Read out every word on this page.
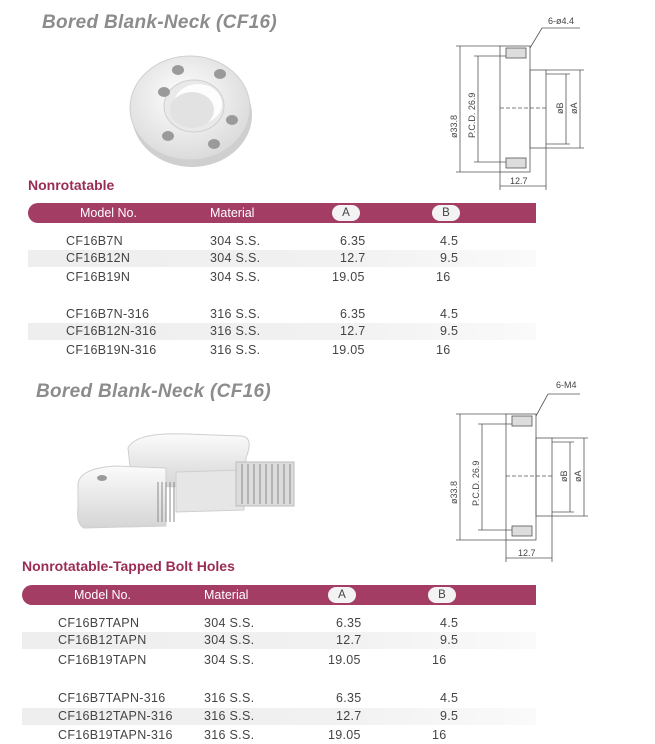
Bored Blank-Neck (CF16)	6-ø4.4
ø33.8 P.C.D. 26.9	øB øA
12.7
Nonrotatable
Model No.	Material	A	B
CF16B7N	304 S.S.	6.35	4.5
CF16B12N	304 S.S.	12.7	9.5
CF16B19N	304 S.S.	19.05	16
CF16B7N-316	316 S.S.	6.35	4.5
CF16B12N-316	316 S.S.	12.7	9.5
CF16B19N-316	316 S.S.	19.05	16
Bored Blank-Neck (CF16)	6-M4
ø33.8 P.C.D. 26.9	øB øA
12.7
Nonrotatable-Tapped Bolt Holes
Model No.	Material	A	B
CF16B7TAPN	304 S.S.	6.35	4.5
CF16B12TAPN	304 S.S.	12.7	9.5
CF16B19TAPN	304 S.S.	19.05	16
CF16B7TAPN-316	316 S.S.	6.35	4.5
CF16B12TAPN-316	316 S.S.	12.7	9.5
CF16B19TAPN-316	316 S.S.	19.05	16
